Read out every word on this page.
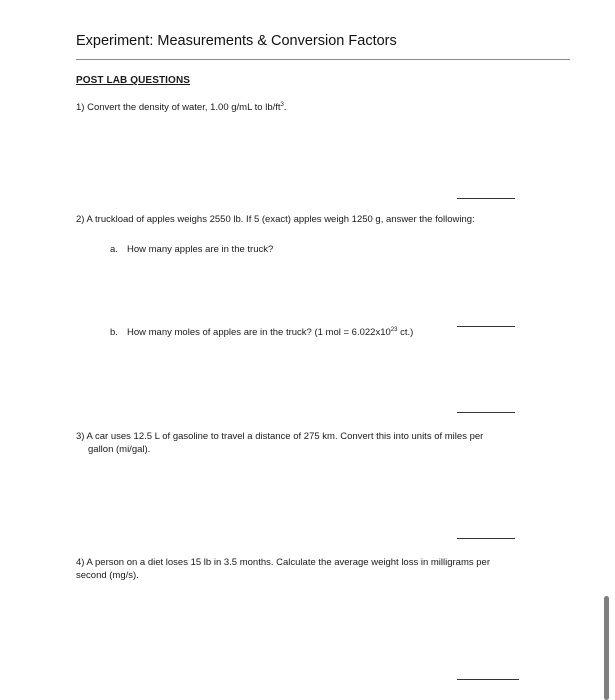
Experiment: Measurements & Conversion Factors
POST LAB QUESTIONS
1) Convert the density of water, 1.00 g/mL to $lb/ft^3$.
2) A truckload of apples weighs 2550 lb. If 5 (exact) apples weigh 1250 g, answer the following:
a. How many apples are in the truck?
b. How many moles of apples are in the truck? (1 mol = $6.022x10^{23}$ ct.)
3) A car uses 12.5 L of gasoline to travel a distance of 275 km. Convert this into units of miles per
gallon (mi/gal).
4) A person on a diet loses 15 lb in 3.5 months. Calculate the average weight loss in milligrams per
second (mg/s).
